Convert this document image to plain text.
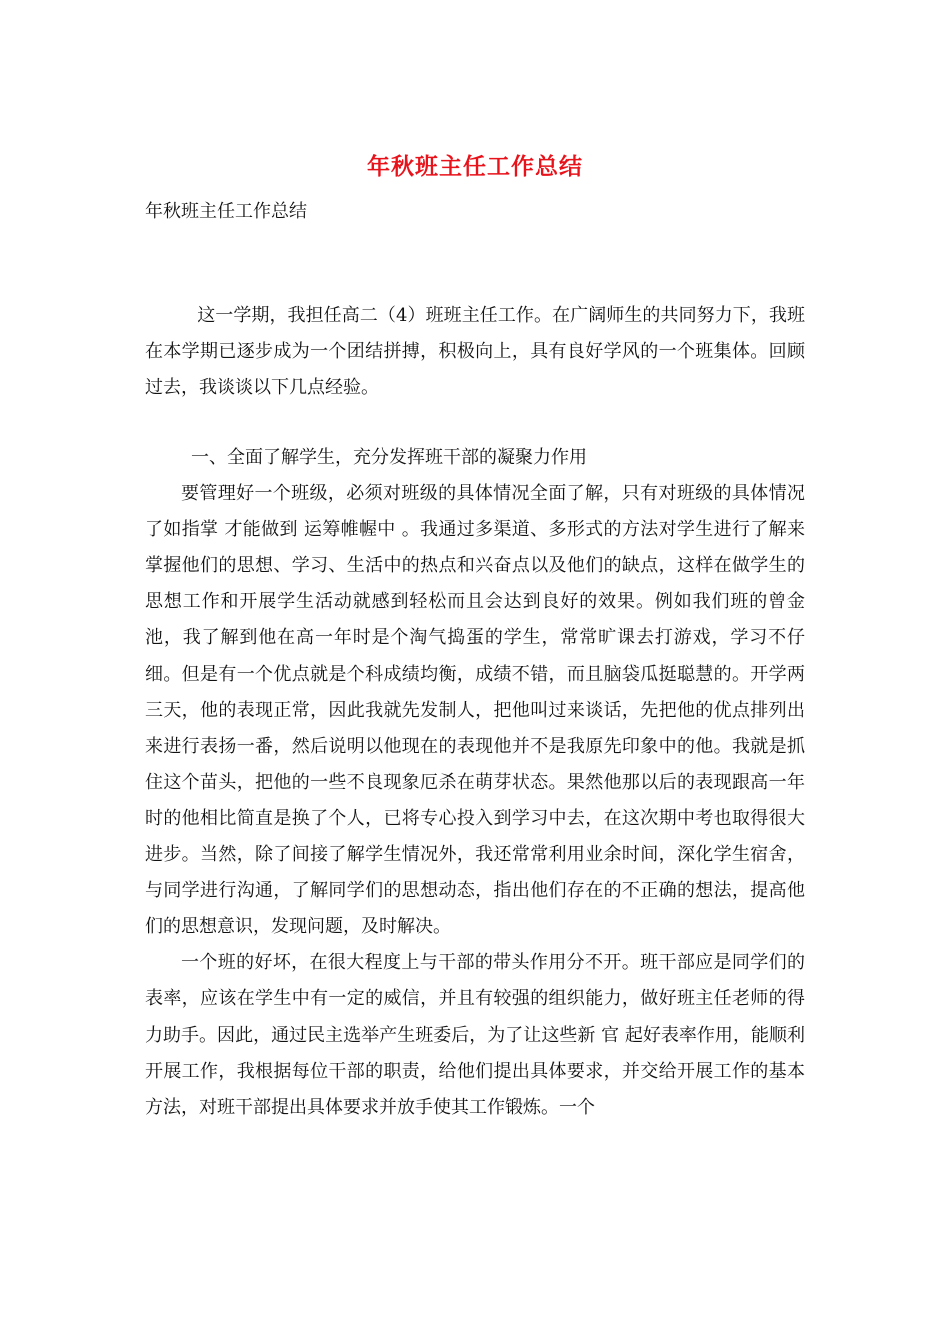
年秋班主任工作总结
年秋班主任工作总结

这一学期，我担任高二（4）班班主任工作。在广阔师生的共同努力下，我班在本学期已逐步成为一个团结拼搏，积极向上，具有良好学风的一个班集体。回顾过去，我谈谈以下几点经验。

一、全面了解学生，充分发挥班干部的凝聚力作用

要管理好一个班级，必须对班级的具体情况全面了解，只有对班级的具体情况 了如指掌 才能做到 运筹帷幄中 。我通过多渠道、多形式的方法对学生进行了解来掌握他们的思想、学习、生活中的热点和兴奋点以及他们的缺点，这样在做学生的思想工作和开展学生活动就感到轻松而且会达到良好的效果。例如我们班的曾金池，我了解到他在高一年时是个淘气捣蛋的学生，常常旷课去打游戏，学习不仔细。但是有一个优点就是个科成绩均衡，成绩不错，而且脑袋瓜挺聪慧的。开学两三天，他的表现正常，因此我就先发制人，把他叫过来谈话，先把他的优点排列出来进行表扬一番，然后说明以他现在的表现他并不是我原先印象中的他。我就是抓住这个苗头，把他的一些不良现象厄杀在萌芽状态。果然他那以后的表现跟高一年时的他相比简直是换了个人，已将专心投入到学习中去，在这次期中考也取得很大进步。当然，除了间接了解学生情况外，我还常常利用业余时间，深化学生宿舍，与同学进行沟通，了解同学们的思想动态，指出他们存在的不正确的想法，提高他们的思想意识，发现问题，及时解决。

一个班的好坏，在很大程度上与干部的带头作用分不开。班干部应是同学们的表率，应该在学生中有一定的威信，并且有较强的组织能力，做好班主任老师的得力助手。因此，通过民主选举产生班委后，为了让这些新 官 起好表率作用，能顺利开展工作，我根据每位干部的职责，给他们提出具体要求，并交给开展工作的基本方法，对班干部提出具体要求并放手使其工作锻炼。一个
